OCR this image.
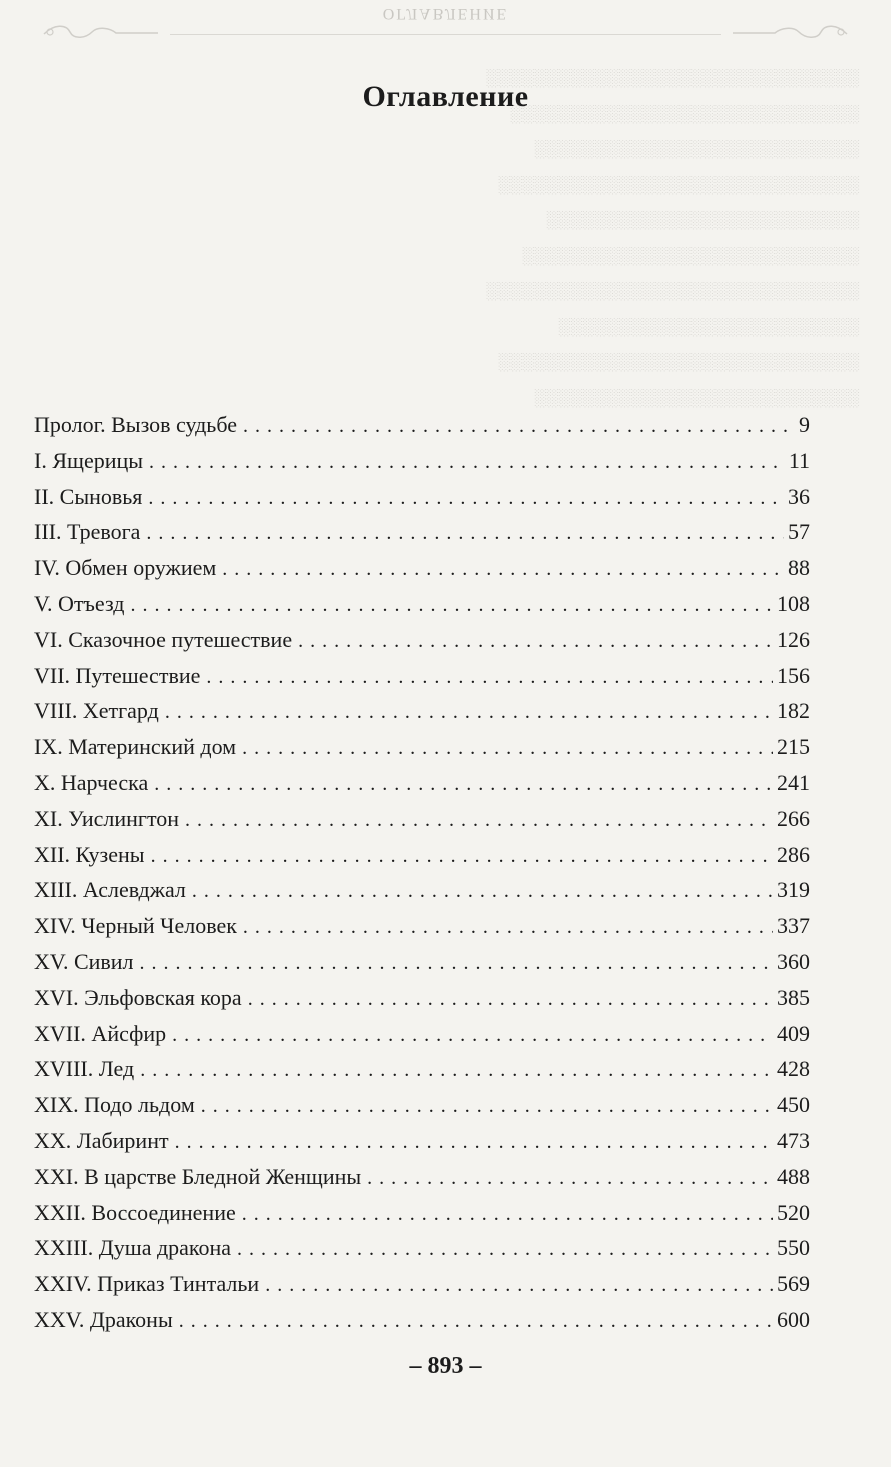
ОГЛАВЛЕНИЕ
░░░░░░░░░░░░░░░░░░░░░░░░░░░░░░░
░░░░░░░░░░░░░░░░░░░░░░░░░░░░░
░░░░░░░░░░░░░░░░░░░░░░░░░░░
░░░░░░░░░░░░░░░░░░░░░░░░░░░░░░
░░░░░░░░░░░░░░░░░░░░░░░░░░
░░░░░░░░░░░░░░░░░░░░░░░░░░░░
░░░░░░░░░░░░░░░░░░░░░░░░░░░░░░░
░░░░░░░░░░░░░░░░░░░░░░░░░
░░░░░░░░░░░░░░░░░░░░░░░░░░░░░░
░░░░░░░░░░░░░░░░░░░░░░░░░░░
Оглавление
Пролог. Вызов судьбе . . .	9
I. Ящерицы . . .	11
II. Сыновья . . .	36
III. Тревога . . .	57
IV. Обмен оружием . . .	88
V. Отъезд . . .	108
VI. Сказочное путешествие . . .	126
VII. Путешествие . . .	156
VIII. Хетгард . . .	182
IX. Материнский дом . . .	215
X. Нарческа . . .	241
XI. Уислингтон . . .	266
XII. Кузены . . .	286
XIII. Аслевджал . . .	319
XIV. Черный Человек . . .	337
XV. Сивил . . .	360
XVI. Эльфовская кора . . .	385
XVII. Айсфир . . .	409
XVIII. Лед . . .	428
XIX. Подо льдом . . .	450
XX. Лабиринт . . .	473
XXI. В царстве Бледной Женщины . . .	488
XXII. Воссоединение . . .	520
XXIII. Душа дракона . . .	550
XXIV. Приказ Тинтальи . . .	569
XXV. Драконы . . .	600
– 893 –
